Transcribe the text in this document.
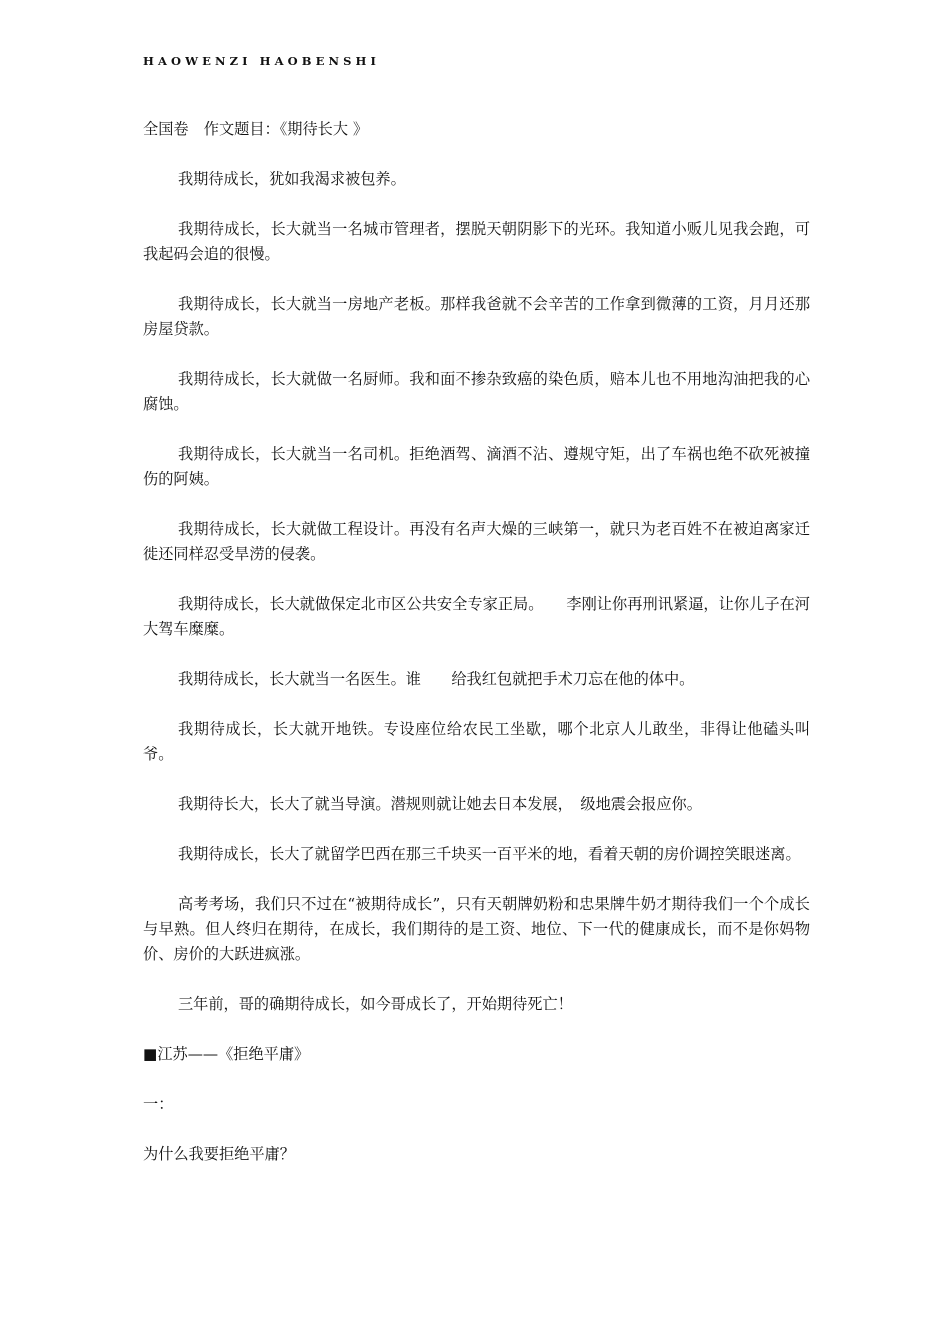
HAOWENZI HAOBENSHI

全国卷　作文题目：《期待长大 》

我期待成长，犹如我渴求被包养。

我期待成长，长大就当一名城市管理者，摆脱天朝阴影下的光环。我知道小贩儿见我会跑，可我起码会追的很慢。

我期待成长，长大就当一房地产老板。那样我爸就不会辛苦的工作拿到微薄的工资，月月还那　　房屋贷款。

我期待成长，长大就做一名厨师。我和面不掺杂致癌的染色质，赔本儿也不用地沟油把我的心腐蚀。

我期待成长，长大就当一名司机。拒绝酒驾、滴酒不沾、遵规守矩，出了车祸也绝不砍死被撞伤的阿姨。

我期待成长，长大就做工程设计。再没有名声大燥的三峡第一，就只为老百姓不在被迫离家迁徙还同样忍受旱涝的侵袭。

我期待成长，长大就做保定北市区公共安全专家正局。　　李刚让你再刑讯紧逼，让你儿子在河大驾车糜糜。

我期待成长，长大就当一名医生。谁　　给我红包就把手术刀忘在他的体中。

我期待成长，长大就开地铁。专设座位给农民工坐歇，哪个北京人儿敢坐，非得让他磕头叫爷。

我期待长大，长大了就当导演。潜规则就让她去日本发展，　级地震会报应你。

我期待成长，长大了就留学巴西在那三千块买一百平米的地，看着天朝的房价调控笑眼迷离。

高考考场，我们只不过在“被期待成长”，只有天朝牌奶粉和忠果牌牛奶才期待我们一个个成长与早熟。但人终归在期待，在成长，我们期待的是工资、地位、下一代的健康成长，而不是你妈物价、房价的大跃进疯涨。

三年前，哥的确期待成长，如今哥成长了，开始期待死亡！

■江苏——《拒绝平庸》

一：

为什么我要拒绝平庸？
